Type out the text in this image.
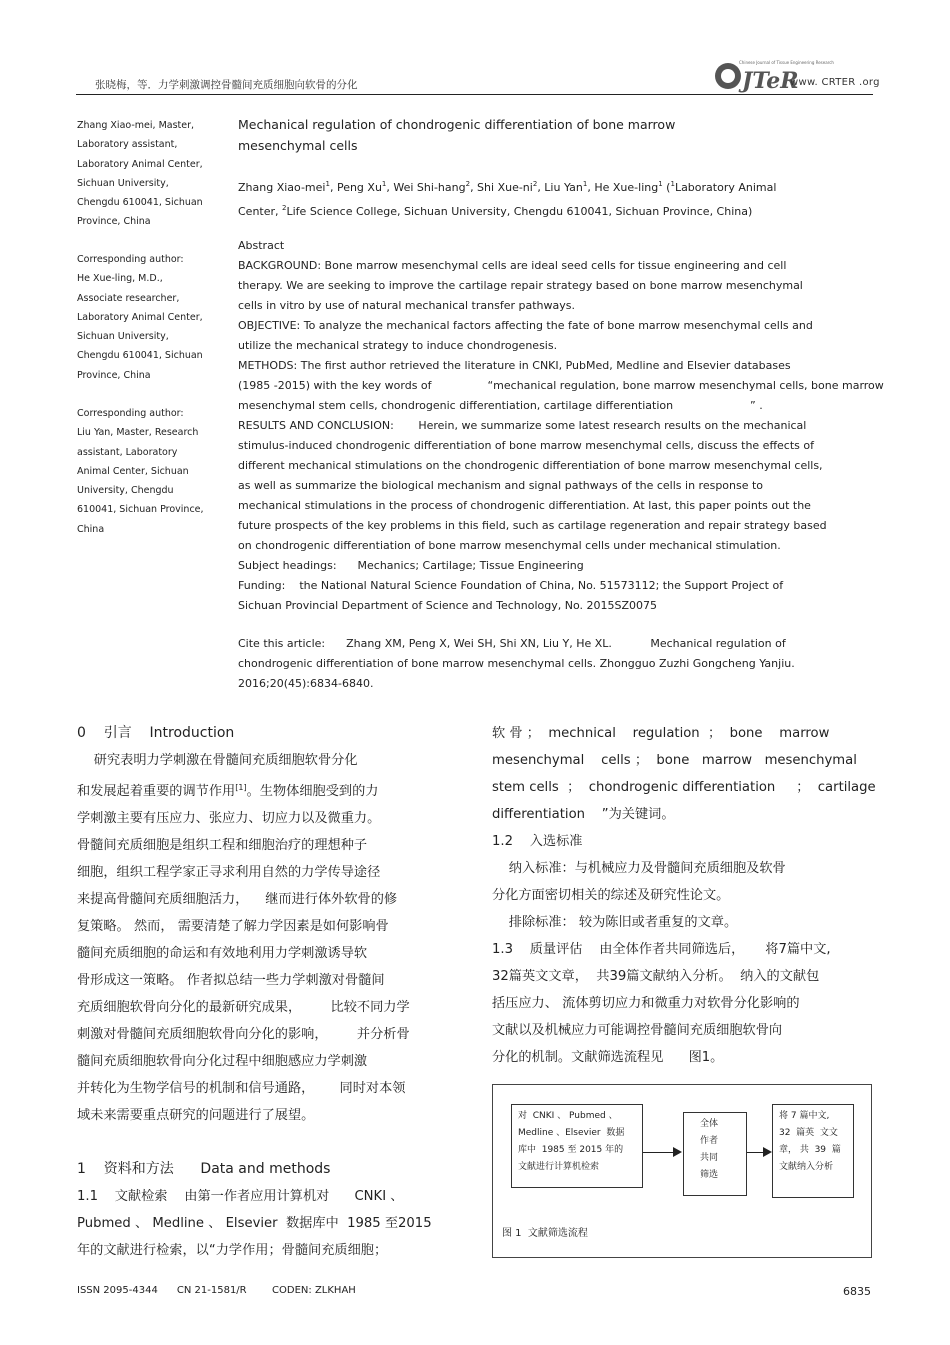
张晓梅，等．力学刺激调控骨髓间充质细胞向软骨的分化	JTeR
Chinese Journal of Tissue Engineering Research
www. CRTER .org
Zhang Xiao-mei, Master,
Laboratory assistant,
Laboratory Animal Center,
Sichuan University,
Chengdu 610041, Sichuan
Province, China
Corresponding author:
He Xue-ling, M.D.,
Associate researcher,
Laboratory Animal Center,
Sichuan University,
Chengdu 610041, Sichuan
Province, China
Corresponding author:
Liu Yan, Master, Research
assistant, Laboratory
Animal Center, Sichuan
University, Chengdu
610041, Sichuan Province,
China
Mechanical regulation of chondrogenic differentiation of bone marrow
mesenchymal cells
Zhang Xiao-mei$^1$, Peng Xu$^1$, Wei Shi-hang$^2$, Shi Xue-$ni^2$, Liu Yan$^1$, He Xue-ling$^1$ ($^1$Laboratory Animal
Center, $^2$Life Science College, Sichuan University, Chengdu 610041, Sichuan Province, China)
Abstract
BACKGROUND: Bone marrow mesenchymal cells are ideal seed cells for tissue engineering and cell
therapy. We are seeking to improve the cartilage repair strategy based on bone marrow mesenchymal
cells in vitro by use of natural mechanical transfer pathways.
OBJECTIVE: To analyze the mechanical factors affecting the fate of bone marrow mesenchymal cells and
utilize the mechanical strategy to induce chondrogenesis.
METHODS: The first author retrieved the literature in CNKI, PubMed, Medline and Elsevier databases
(1985 -2015) with the key words of                “mechanical regulation, bone marrow mesenchymal cells, bone marrow
mesenchymal stem cells, chondrogenic differentiation, cartilage differentiation                      ” .
RESULTS AND CONCLUSION:       Herein, we summarize some latest research results on the mechanical
stimulus-induced chondrogenic differentiation of bone marrow mesenchymal cells, discuss the effects of
different mechanical stimulations on the chondrogenic differentiation of bone marrow mesenchymal cells,
as well as summarize the biological mechanism and signal pathways of the cells in response to
mechanical stimulations in the process of chondrogenic differentiation. At last, this paper points out the
future prospects of the key problems in this field, such as cartilage regeneration and repair strategy based
on chondrogenic differentiation of bone marrow mesenchymal cells under mechanical stimulation.
Subject headings:      Mechanics; Cartilage; Tissue Engineering
Funding:    the National Natural Science Foundation of China, No. 51573112; the Support Project of
Sichuan Provincial Department of Science and Technology, No. 2015SZ0075
Cite this article:      Zhang XM, Peng X, Wei SH, Shi XN, Liu Y, He XL.           Mechanical regulation of
chondrogenic differentiation of bone marrow mesenchymal cells. Zhongguo Zuzhi Gongcheng Yanjiu.
2016;20(45):6834-6840.
0    引言    Introduction
研究表明力学刺激在骨髓间充质细胞软骨分化
和发展起着重要的调节作用[1]。生物体细胞受到的力
学刺激主要有压应力、张应力、切应力以及微重力。
骨髓间充质细胞是组织工程和细胞治疗的理想种子
细胞，组织工程学家正寻求利用自然的力学传导途径
来提高骨髓间充质细胞活力，    继而进行体外软骨的修
复策略。 然而， 需要清楚了解力学因素是如何影响骨
髓间充质细胞的命运和有效地利用力学刺激诱导软
骨形成这一策略。 作者拟总结一些力学刺激对骨髓间
充质细胞软骨向分化的最新研究成果，       比较不同力学
刺激对骨髓间充质细胞软骨向分化的影响，       并分析骨
髓间充质细胞软骨向分化过程中细胞感应力学刺激
并转化为生物学信号的机制和信号通路，      同时对本领
域未来需要重点研究的问题进行了展望。
1    资料和方法      Data and methods
1.1    文献检索    由第一作者应用计算机对      CNKI 、
Pubmed 、 Medline 、 Elsevier  数据库中  1985 至2015
年的文献进行检索，以“力学作用；骨髓间充质细胞；
软 骨 ；  mechnical    regulation  ；  bone    marrow
mesenchymal    cells ；  bone   marrow   mesenchymal
stem cells  ；  chondrogenic differentiation     ；  cartilage
differentiation    ”为关键词。
1.2    入选标准
纳入标准：与机械应力及骨髓间充质细胞及软骨
分化方面密切相关的综述及研究性论文。
排除标准： 较为陈旧或者重复的文章。
1.3    质量评估    由全体作者共同筛选后，     将7篇中文,
32篇英文文章，  共39篇文献纳入分析。  纳入的文献包
括压应力、 流体剪切应力和微重力对软骨分化影响的
文献以及机械应力可能调控骨髓间充质细胞软骨向
分化的机制。文献筛选流程见      图1。
对  CNKI 、 Pubmed 、
Medline 、Elsevier  数据
库中  1985 至 2015 年的
文献进行计算机检索
全体
作者
共同
筛选
将 7 篇中文,
32  篇英  文文
章， 共  39  篇
文献纳入分析
图 1  文献筛选流程
ISSN 2095-4344      CN 21-1581/R        CODEN: ZLKHAH	6835
